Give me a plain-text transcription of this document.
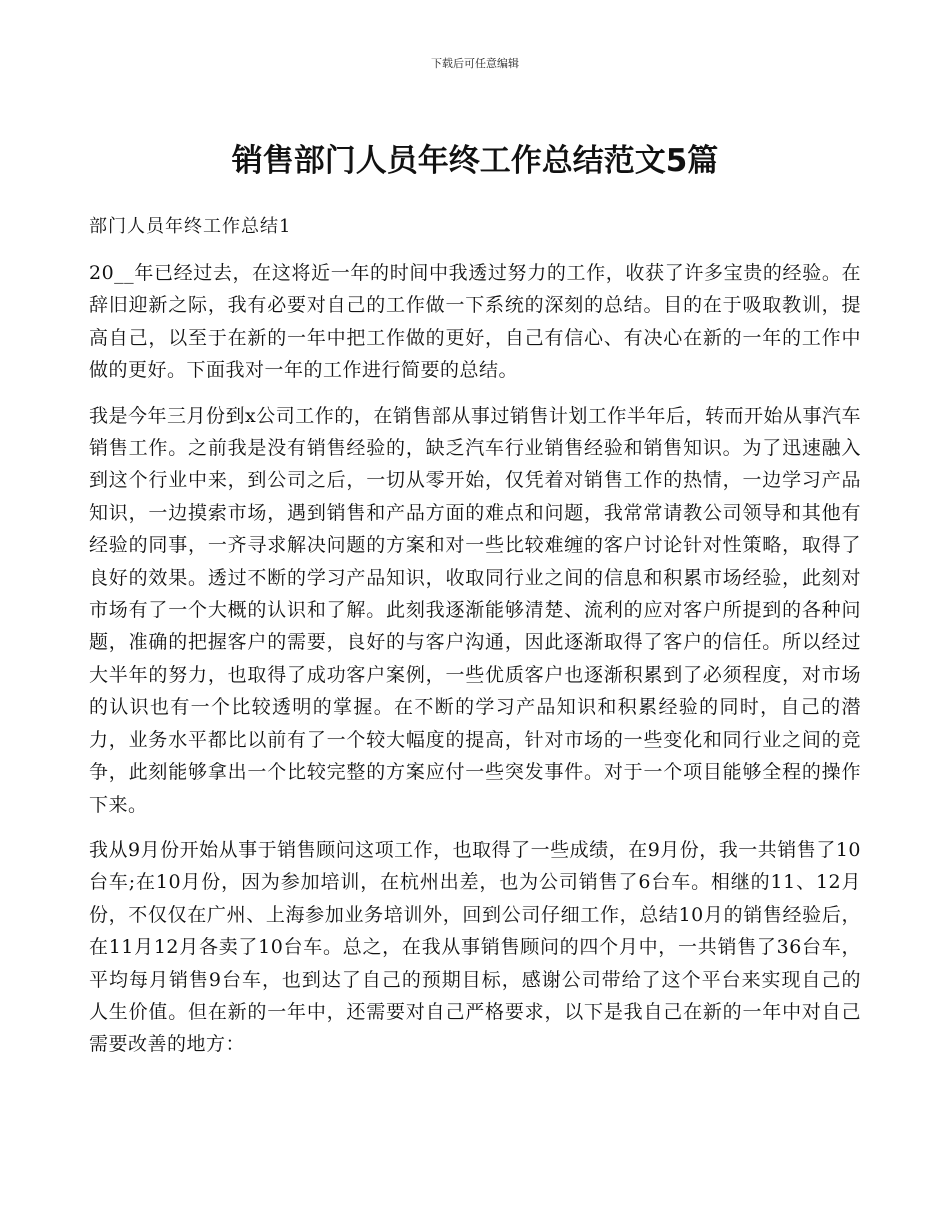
下载后可任意编辑
销售部门人员年终工作总结范文5篇

部门人员年终工作总结1

20__年已经过去，在这将近一年的时间中我透过努力的工作，收获了许多宝贵的经验。在辞旧迎新之际，我有必要对自己的工作做一下系统的深刻的总结。目的在于吸取教训，提高自己，以至于在新的一年中把工作做的更好，自己有信心、有决心在新的一年的工作中做的更好。下面我对一年的工作进行简要的总结。

我是今年三月份到x公司工作的，在销售部从事过销售计划工作半年后，转而开始从事汽车销售工作。之前我是没有销售经验的，缺乏汽车行业销售经验和销售知识。为了迅速融入到这个行业中来，到公司之后，一切从零开始，仅凭着对销售工作的热情，一边学习产品知识，一边摸索市场，遇到销售和产品方面的难点和问题，我常常请教公司领导和其他有经验的同事，一齐寻求解决问题的方案和对一些比较难缠的客户讨论针对性策略，取得了良好的效果。透过不断的学习产品知识，收取同行业之间的信息和积累市场经验，此刻对市场有了一个大概的认识和了解。此刻我逐渐能够清楚、流利的应对客户所提到的各种问题，准确的把握客户的需要，良好的与客户沟通，因此逐渐取得了客户的信任。所以经过大半年的努力，也取得了成功客户案例，一些优质客户也逐渐积累到了必须程度，对市场的认识也有一个比较透明的掌握。在不断的学习产品知识和积累经验的同时，自己的潜力，业务水平都比以前有了一个较大幅度的提高，针对市场的一些变化和同行业之间的竞争，此刻能够拿出一个比较完整的方案应付一些突发事件。对于一个项目能够全程的操作下来。

我从9月份开始从事于销售顾问这项工作，也取得了一些成绩，在9月份，我一共销售了10台车;在10月份，因为参加培训，在杭州出差，也为公司销售了6台车。相继的11、12月份，不仅仅在广州、上海参加业务培训外，回到公司仔细工作，总结10月的销售经验后，在11月12月各卖了10台车。总之，在我从事销售顾问的四个月中，一共销售了36台车，平均每月销售9台车，也到达了自己的预期目标，感谢公司带给了这个平台来实现自己的人生价值。但在新的一年中，还需要对自己严格要求，以下是我自己在新的一年中对自己需要改善的地方：
